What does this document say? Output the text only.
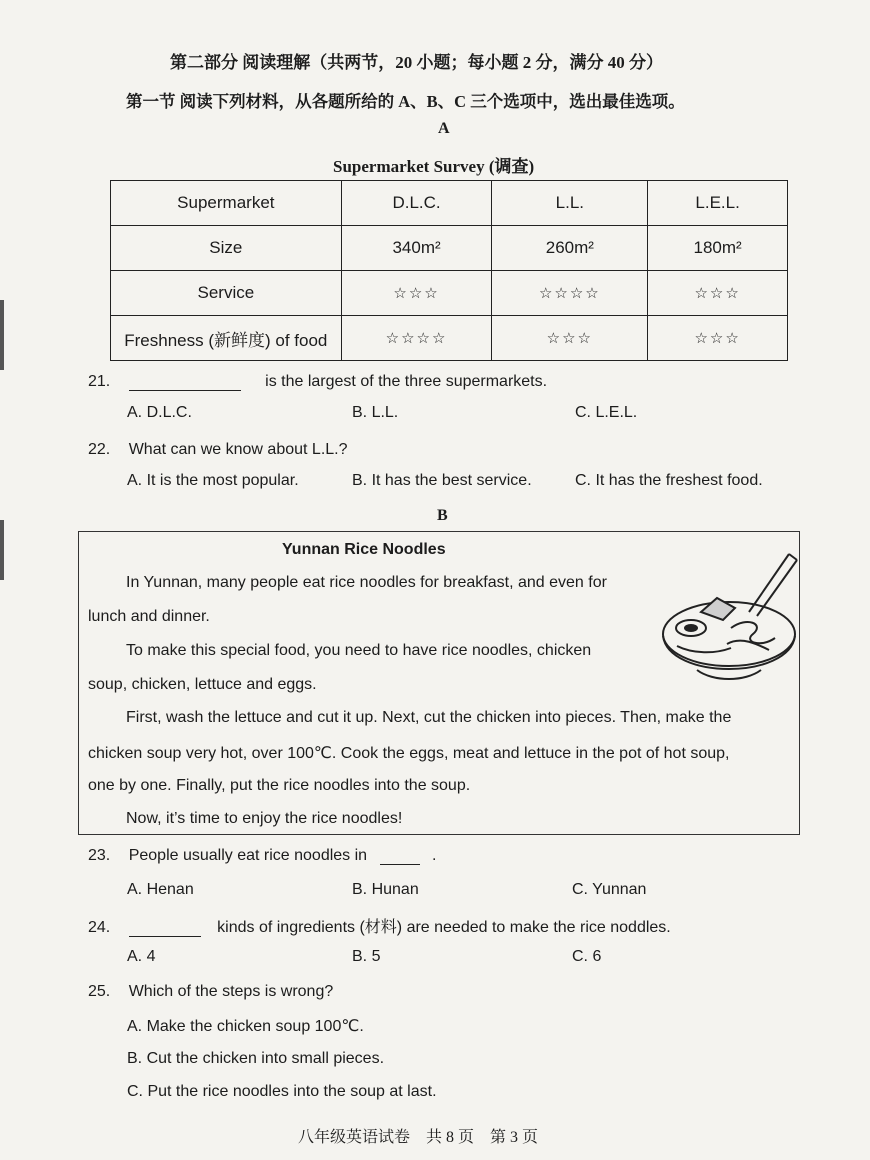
第二部分 阅读理解（共两节，20 小题；每小题 2 分，满分 40 分）
第一节 阅读下列材料，从各题所给的 A、B、C 三个选项中，选出最佳选项。
A
Supermarket Survey (调查)
Supermarket	D.L.C.	L.L.	L.E.L.
Size	340m²	260m²	180m²
Service	☆☆☆	☆☆☆☆	☆☆☆
Freshness (新鲜度) of food	☆☆☆☆	☆☆☆	☆☆☆
21.	is the largest of the three supermarkets.
A. D.L.C.	B. L.L.	C. L.E.L.
22. What can we know about L.L.?
A. It is the most popular.	B. It has the best service.	C. It has the freshest food.
B
Yunnan Rice Noodles
In Yunnan, many people eat rice noodles for breakfast, and even for
lunch and dinner.
To make this special food, you need to have rice noodles, chicken
soup, chicken, lettuce and eggs.
First, wash the lettuce and cut it up. Next, cut the chicken into pieces. Then, make the
chicken soup very hot, over 100℃. Cook the eggs, meat and lettuce in the pot of hot soup,
one by one. Finally, put the rice noodles into the soup.
Now, it’s time to enjoy the rice noodles!
23. People usually eat rice noodles in	.
A. Henan	B. Hunan	C. Yunnan
24.	kinds of ingredients (材料) are needed to make the rice noddles.
A. 4	B. 5	C. 6
25. Which of the steps is wrong?
A. Make the chicken soup 100℃.
B. Cut the chicken into small pieces.
C. Put the rice noodles into the soup at last.
八年级英语试卷　共 8 页　第 3 页
